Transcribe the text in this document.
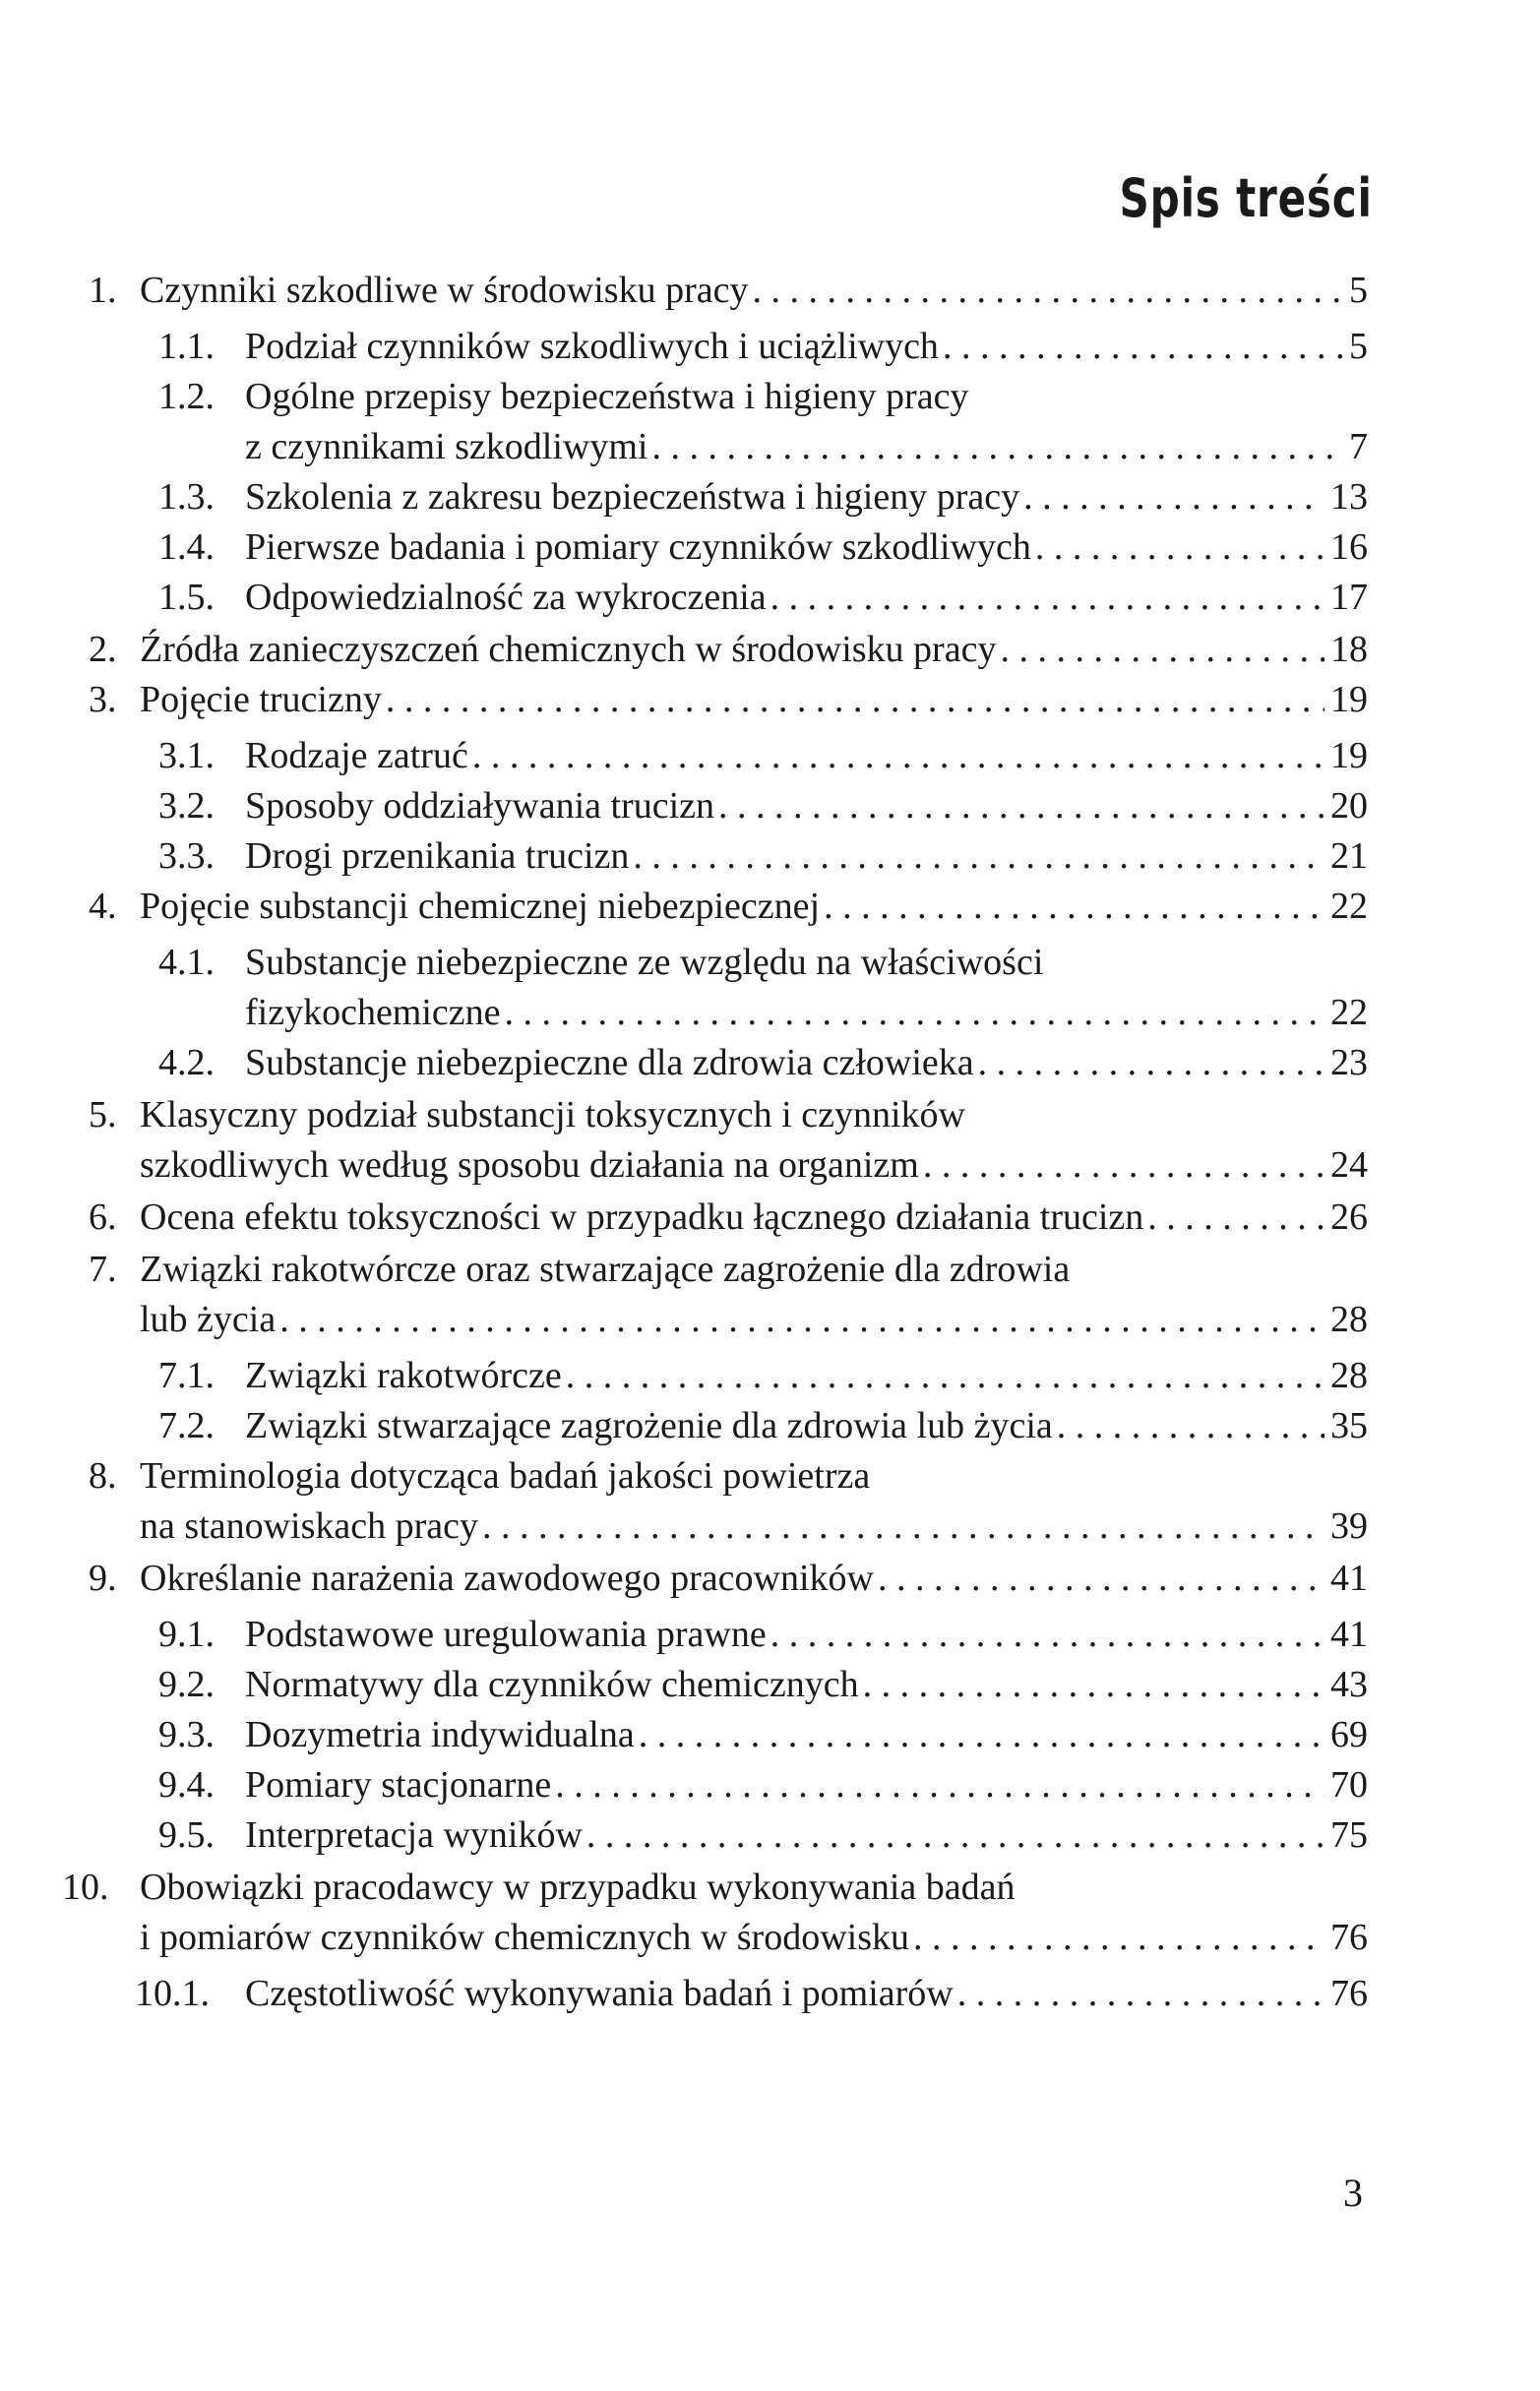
Spis treści
1. Czynniki szkodliwe w środowisku pracy . . .	5
1.1. Podział czynników szkodliwych i uciążliwych . . .	5
1.2. Ogólne przepisy bezpieczeństwa i higieny pracy
z czynnikami szkodliwymi . . .	7
1.3. Szkolenia z zakresu bezpieczeństwa i higieny pracy . . .	13
1.4. Pierwsze badania i pomiary czynników szkodliwych . . .	16
1.5. Odpowiedzialność za wykroczenia . . .	17
2. Źródła zanieczyszczeń chemicznych w środowisku pracy . . .	18
3. Pojęcie trucizny . . .	19
3.1. Rodzaje zatruć . . .	19
3.2. Sposoby oddziaływania trucizn . . .	20
3.3. Drogi przenikania trucizn . . .	21
4. Pojęcie substancji chemicznej niebezpiecznej . . .	22
4.1. Substancje niebezpieczne ze względu na właściwości
fizykochemiczne . . .	22
4.2. Substancje niebezpieczne dla zdrowia człowieka . . .	23
5. Klasyczny podział substancji toksycznych i czynników
szkodliwych według sposobu działania na organizm . . .	24
6. Ocena efektu toksyczności w przypadku łącznego działania trucizn . . .	26
7. Związki rakotwórcze oraz stwarzające zagrożenie dla zdrowia
lub życia . . .	28
7.1. Związki rakotwórcze . . .	28
7.2. Związki stwarzające zagrożenie dla zdrowia lub życia . . .	35
8. Terminologia dotycząca badań jakości powietrza
na stanowiskach pracy . . .	39
9. Określanie narażenia zawodowego pracowników . . .	41
9.1. Podstawowe uregulowania prawne . . .	41
9.2. Normatywy dla czynników chemicznych . . .	43
9.3. Dozymetria indywidualna . . .	69
9.4. Pomiary stacjonarne . . .	70
9.5. Interpretacja wyników . . .	75
10. Obowiązki pracodawcy w przypadku wykonywania badań
i pomiarów czynników chemicznych w środowisku . . .	76
10.1. Częstotliwość wykonywania badań i pomiarów . . .	76
3
